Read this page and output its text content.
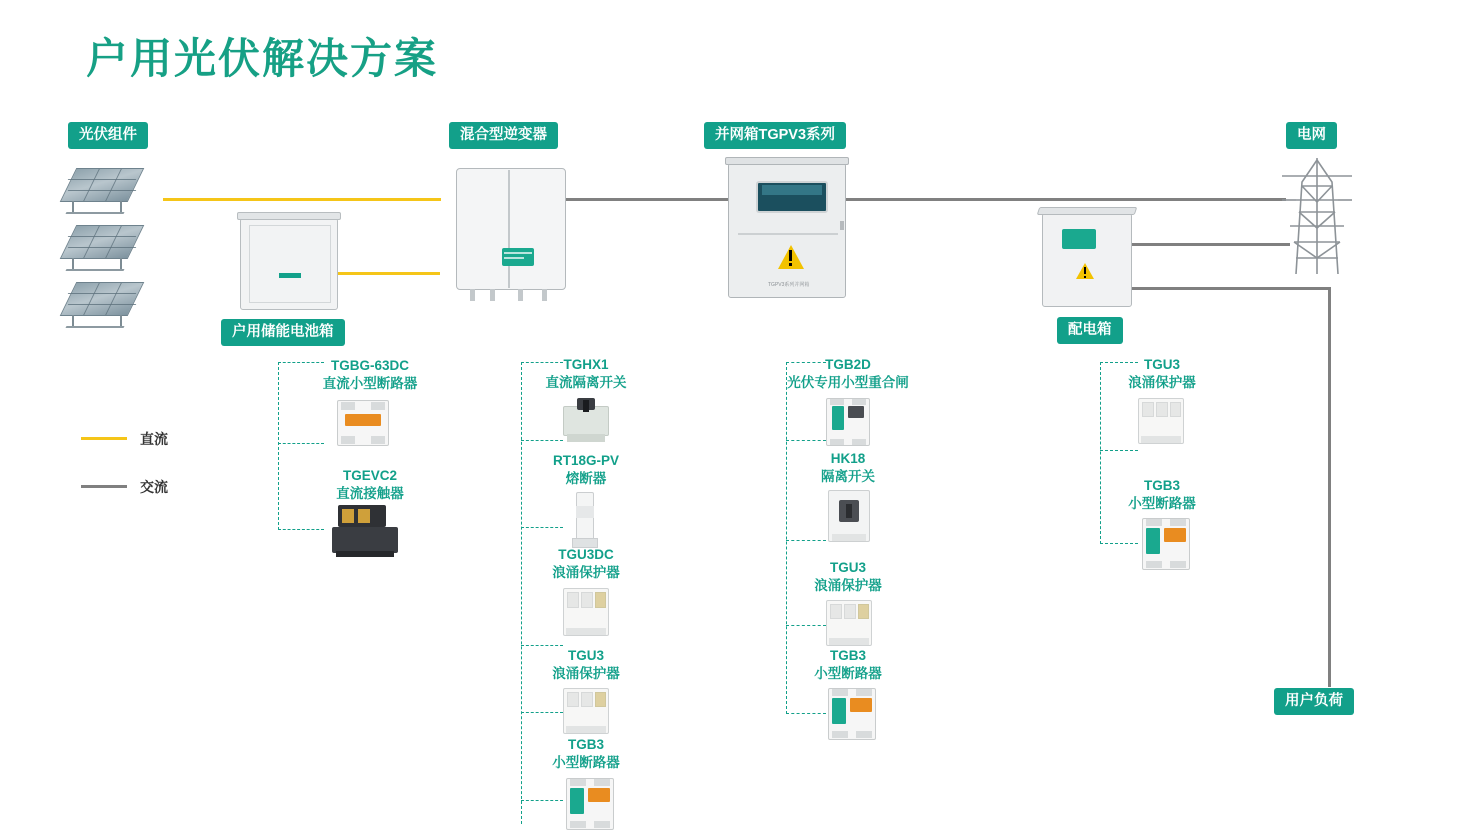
户用光伏解决方案
光伏组件	混合型逆变器	并网箱TGPV3系列	电网
户用储能电池箱	配电箱
用户负荷
直流
交流
TGPV3系列并网箱
TGBG-63DC
直流小型断路器
TGEVC2
直流接触器
TGHX1
直流隔离开关
RT18G-PV
熔断器
TGU3DC
浪涌保护器
TGU3
浪涌保护器
TGB3
小型断路器
TGB2D
光伏专用小型重合闸
HK18
隔离开关
TGU3
浪涌保护器
TGB3
小型断路器
TGU3
浪涌保护器
TGB3
小型断路器
